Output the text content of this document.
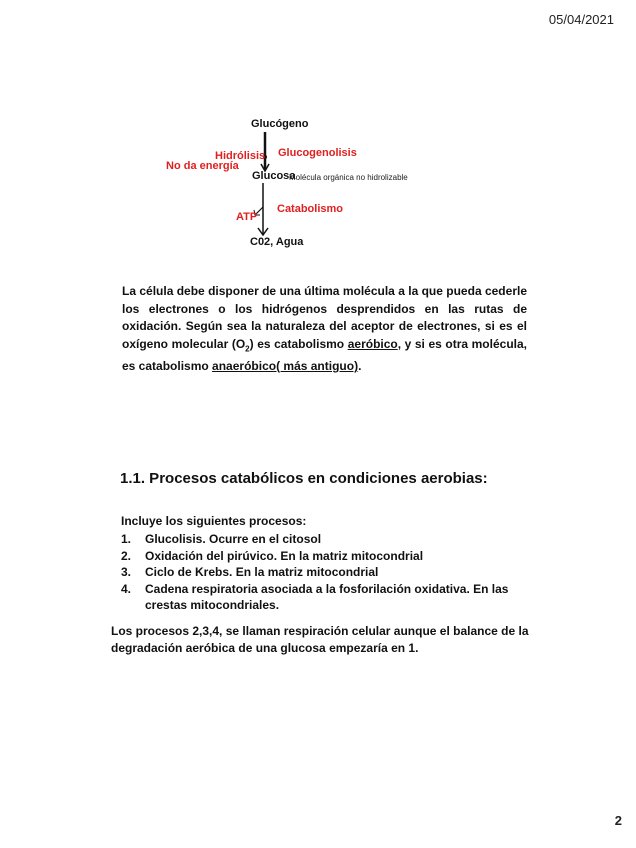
05/04/2021
Glucógeno
Hidrólisis Glucogenolisis
No da energía
Glucosa
Molécula orgánica no hidrolizable
ATP
Catabolismo
C02, Agua
La célula debe disponer de una última molécula a la que pueda cederle los electrones o los hidrógenos desprendidos en las rutas de oxidación. Según sea la naturaleza del aceptor de electrones, si es el oxígeno molecular $(O_2)$ es catabolismo aeróbico, y si es otra molécula, es catabolismo anaeróbico( más antiguo).
1.1. Procesos catabólicos en condiciones aerobias:
Incluye los siguientes procesos:
1. Glucolisis. Ocurre en el citosol
2. Oxidación del pirúvico. En la matriz mitocondrial
3. Ciclo de Krebs. En la matriz mitocondrial
4. Cadena respiratoria asociada a la fosforilación oxidativa. En las crestas mitocondriales.
Los procesos 2,3,4, se llaman respiración celular aunque el balance de la degradación aeróbica de una glucosa empezaría en 1.
2
